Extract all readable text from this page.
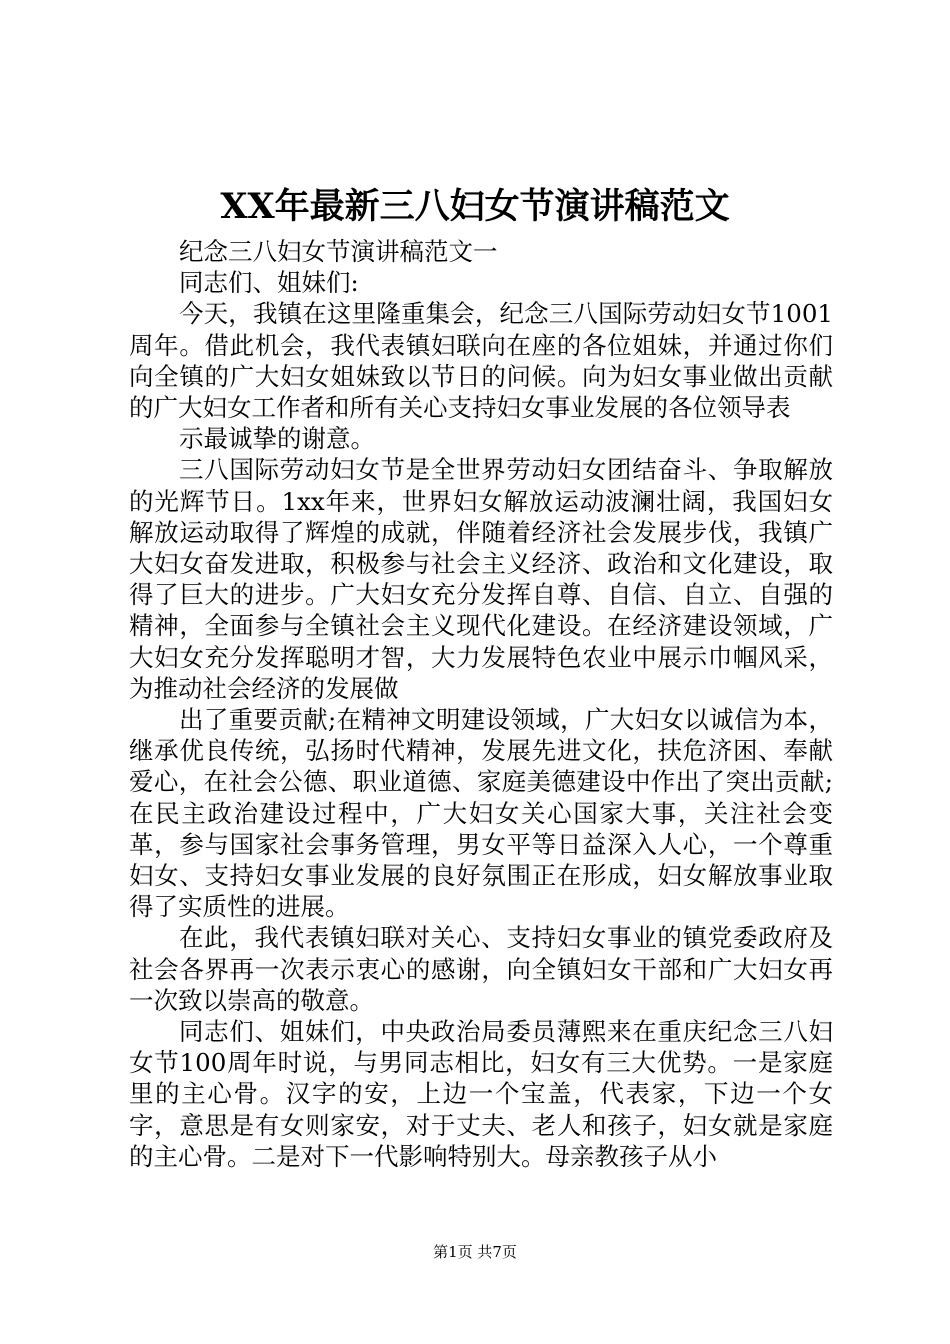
XX年最新三八妇女节演讲稿范文

纪念三八妇女节演讲稿范文一

同志们、姐妹们:

今天，我镇在这里隆重集会，纪念三八国际劳动妇女节1001周年。借此机会，我代表镇妇联向在座的各位姐妹，并通过你们向全镇的广大妇女姐妹致以节日的问候。向为妇女事业做出贡献的广大妇女工作者和所有关心支持妇女事业发展的各位领导表

示最诚挚的谢意。

三八国际劳动妇女节是全世界劳动妇女团结奋斗、争取解放的光辉节日。1xx年来，世界妇女解放运动波澜壮阔，我国妇女解放运动取得了辉煌的成就，伴随着经济社会发展步伐，我镇广大妇女奋发进取，积极参与社会主义经济、政治和文化建设，取得了巨大的进步。广大妇女充分发挥自尊、自信、自立、自强的精神，全面参与全镇社会主义现代化建设。在经济建设领域，广大妇女充分发挥聪明才智，大力发展特色农业中展示巾帼风采，为推动社会经济的发展做

出了重要贡献;在精神文明建设领域，广大妇女以诚信为本，继承优良传统，弘扬时代精神，发展先进文化，扶危济困、奉献爱心，在社会公德、职业道德、家庭美德建设中作出了突出贡献;在民主政治建设过程中，广大妇女关心国家大事，关注社会变革，参与国家社会事务管理，男女平等日益深入人心，一个尊重妇女、支持妇女事业发展的良好氛围正在形成，妇女解放事业取得了实质性的进展。

在此，我代表镇妇联对关心、支持妇女事业的镇党委政府及社会各界再一次表示衷心的感谢，向全镇妇女干部和广大妇女再一次致以崇高的敬意。

同志们、姐妹们，中央政治局委员薄熙来在重庆纪念三八妇女节100周年时说，与男同志相比，妇女有三大优势。一是家庭里的主心骨。汉字的安，上边一个宝盖，代表家，下边一个女字，意思是有女则家安，对于丈夫、老人和孩子，妇女就是家庭的主心骨。二是对下一代影响特别大。母亲教孩子从小

第1页 共7页
